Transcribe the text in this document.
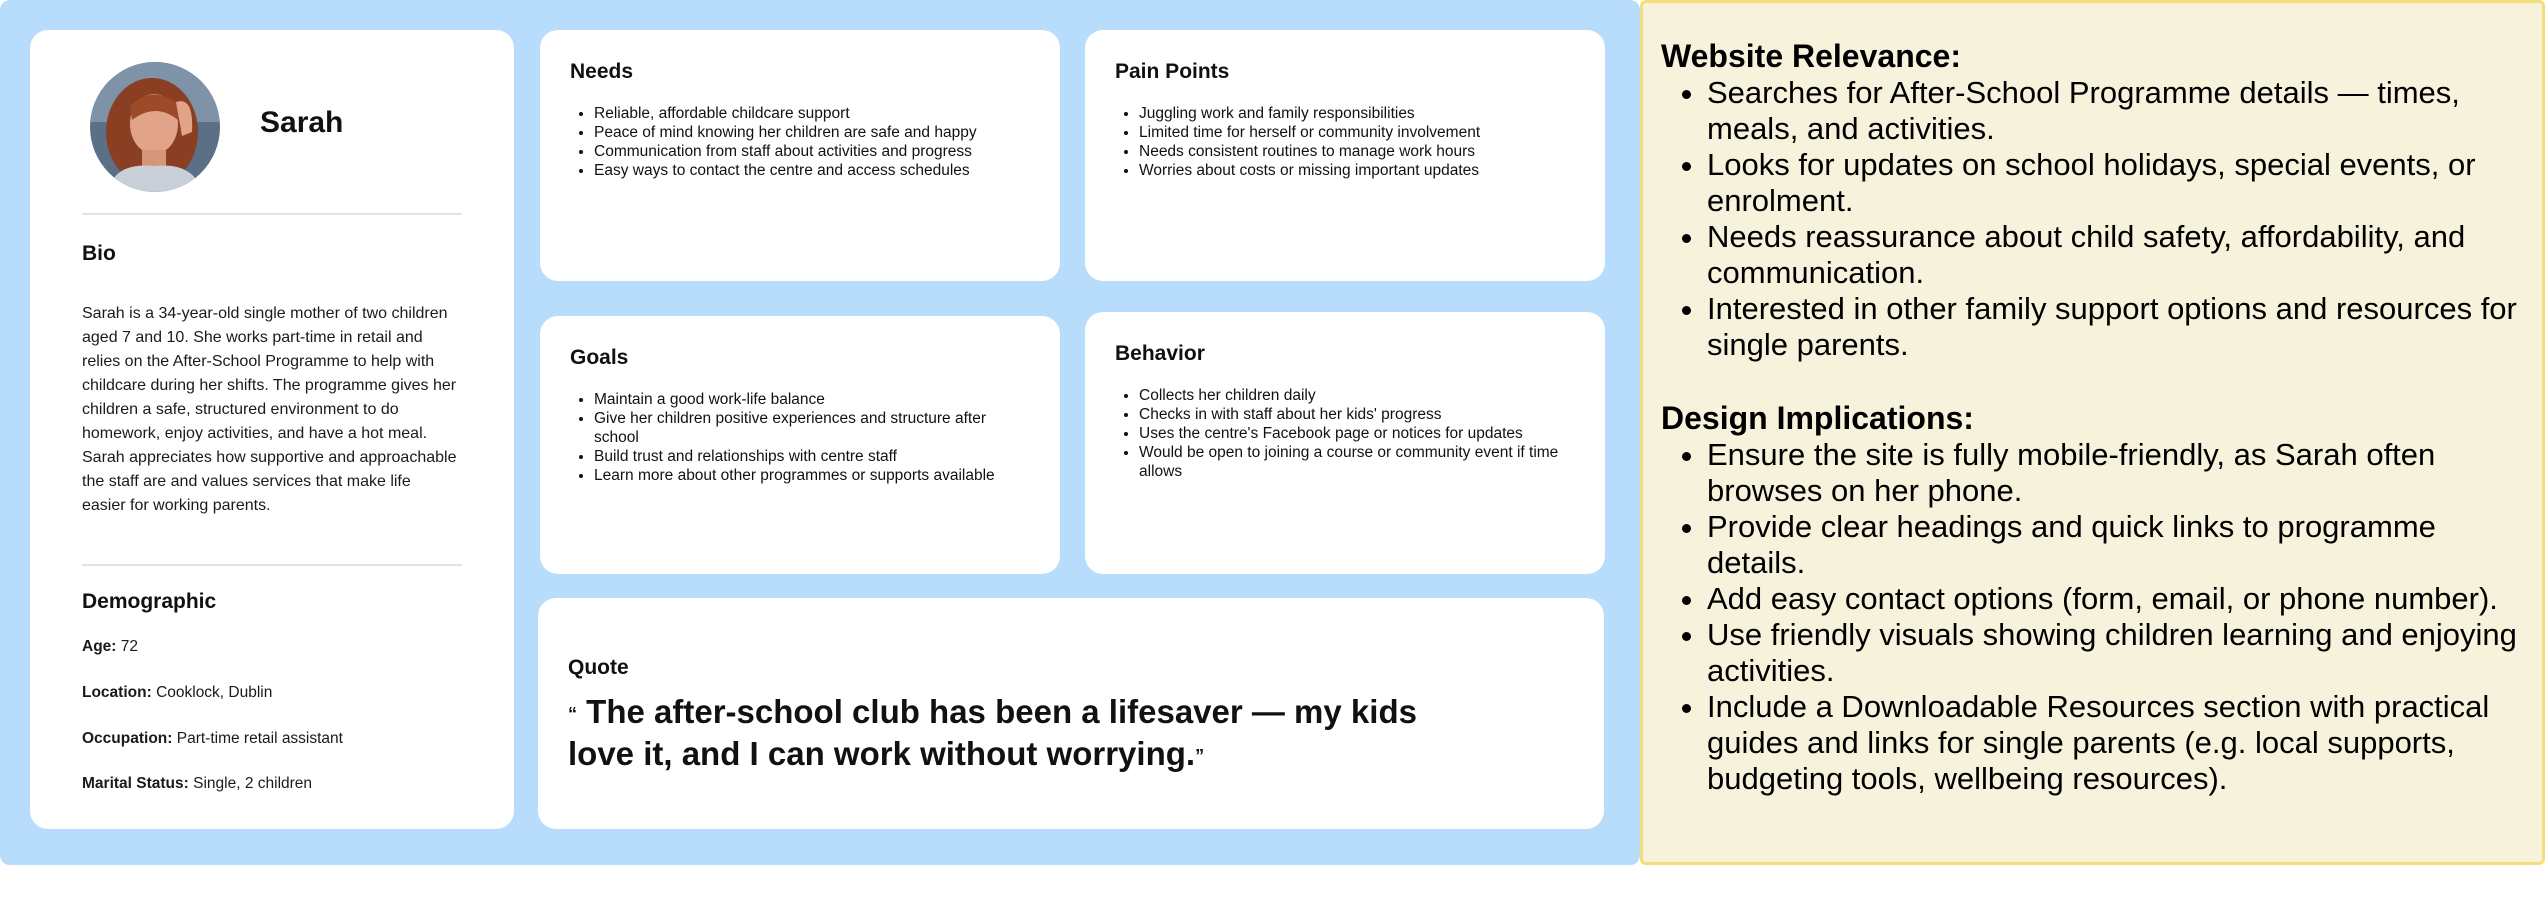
Sarah
Bio
Sarah is a 34-year-old single mother of two children aged 7 and 10. She works part-time in retail and relies on the After-School Programme to help with childcare during her shifts. The programme gives her children a safe, structured environment to do homework, enjoy activities, and have a hot meal. Sarah appreciates how supportive and approachable the staff are and values services that make life easier for working parents.
Demographic
Age: 72
Location: Cooklock, Dublin
Occupation: Part-time retail assistant
Marital Status: Single, 2 children
Needs
• Reliable, affordable childcare support
• Peace of mind knowing her children are safe and happy
• Communication from staff about activities and progress
• Easy ways to contact the centre and access schedules
Pain Points
• Juggling work and family responsibilities
• Limited time for herself or community involvement
• Needs consistent routines to manage work hours
• Worries about costs or missing important updates
Goals
• Maintain a good work-life balance
• Give her children positive experiences and structure after school
• Build trust and relationships with centre staff
• Learn more about other programmes or supports available
Behavior
• Collects her children daily
• Checks in with staff about her kids' progress
• Uses the centre's Facebook page or notices for updates
• Would be open to joining a course or community event if time allows
Quote
“ The after-school club has been a lifesaver — my kids love it, and I can work without worrying.”
Website Relevance:
• Searches for After-School Programme details — times, meals, and activities.
• Looks for updates on school holidays, special events, or enrolment.
• Needs reassurance about child safety, affordability, and communication.
• Interested in other family support options and resources for single parents.
Design Implications:
• Ensure the site is fully mobile-friendly, as Sarah often browses on her phone.
• Provide clear headings and quick links to programme details.
• Add easy contact options (form, email, or phone number).
• Use friendly visuals showing children learning and enjoying activities.
• Include a Downloadable Resources section with practical guides and links for single parents (e.g. local supports, budgeting tools, wellbeing resources).
